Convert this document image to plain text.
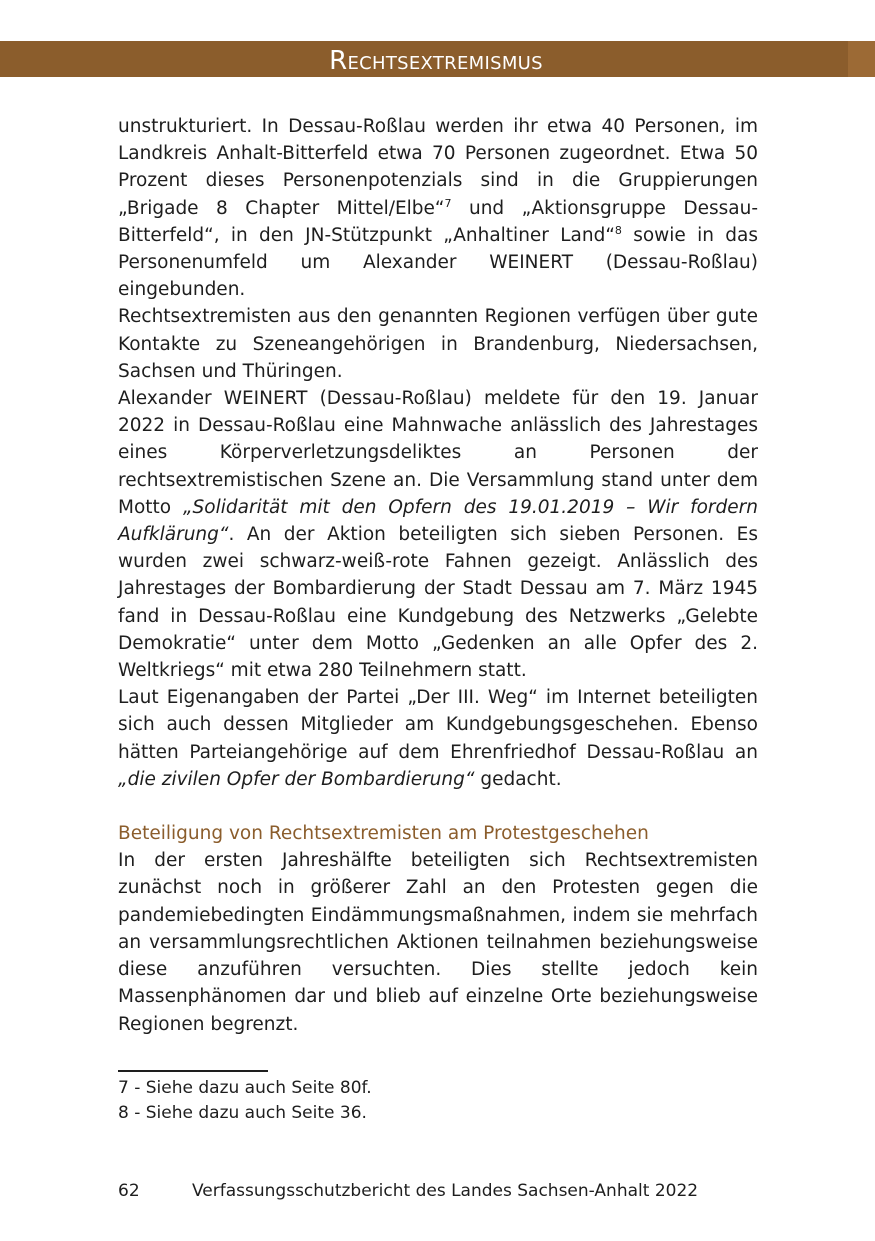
Rechtsextremismus

unstrukturiert. In Dessau-Roßlau werden ihr etwa 40 Personen, im Landkreis Anhalt-Bitterfeld etwa 70 Personen zugeordnet. Etwa 50 Prozent dieses Personenpotenzials sind in die Gruppierungen „Brigade 8 Chapter Mittel/Elbe“$^7$ und „Aktionsgruppe Dessau-Bitterfeld“, in den JN-Stützpunkt „Anhaltiner Land“$^8$ sowie in das Personenumfeld um Alexander WEINERT (Dessau-Roßlau) eingebunden.

Rechtsextremisten aus den genannten Regionen verfügen über gute Kontakte zu Szeneangehörigen in Brandenburg, Niedersachsen, Sachsen und Thüringen.

Alexander WEINERT (Dessau-Roßlau) meldete für den 19. Januar 2022 in Dessau-Roßlau eine Mahnwache anlässlich des Jahrestages eines Körperverletzungsdeliktes an Personen der rechtsextremistischen Szene an. Die Versammlung stand unter dem Motto „Solidarität mit den Opfern des 19.01.2019 – Wir fordern Aufklärung“. An der Aktion beteiligten sich sieben Personen. Es wurden zwei schwarz-weiß-rote Fahnen gezeigt. Anlässlich des Jahrestages der Bombardierung der Stadt Dessau am 7. März 1945 fand in Dessau-Roßlau eine Kundgebung des Netzwerks „Gelebte Demokratie“ unter dem Motto „Gedenken an alle Opfer des 2. Weltkriegs“ mit etwa 280 Teilnehmern statt.

Laut Eigenangaben der Partei „Der III. Weg“ im Internet beteiligten sich auch dessen Mitglieder am Kundgebungsgeschehen. Ebenso hätten Parteiangehörige auf dem Ehrenfriedhof Dessau-Roßlau an „die zivilen Opfer der Bombardierung“ gedacht.

Beteiligung von Rechtsextremisten am Protestgeschehen

In der ersten Jahreshälfte beteiligten sich Rechtsextremisten zunächst noch in größerer Zahl an den Protesten gegen die pandemiebedingten Eindämmungsmaßnahmen, indem sie mehrfach an versammlungsrechtlichen Aktionen teilnahmen beziehungsweise diese anzuführen versuchten. Dies stellte jedoch kein Massenphänomen dar und blieb auf einzelne Orte beziehungsweise Regionen begrenzt.

7 - Siehe dazu auch Seite 80f.
8 - Siehe dazu auch Seite 36.
62	Verfassungsschutzbericht des Landes Sachsen-Anhalt 2022
